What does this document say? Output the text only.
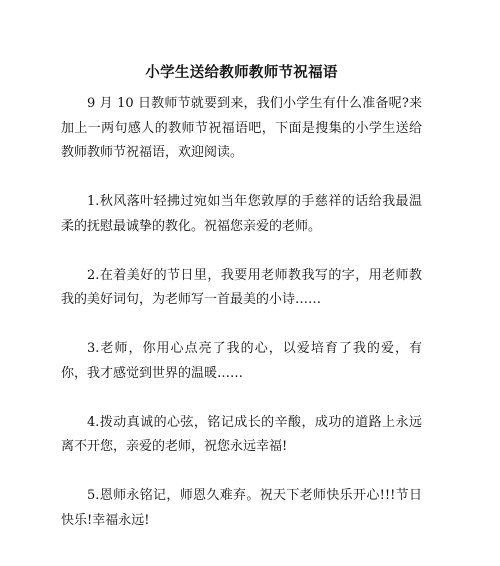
小学生送给教师教师节祝福语

9 月 10 日教师节就要到来，我们小学生有什么准备呢?来加上一两句感人的教师节祝福语吧，下面是搜集的小学生送给教师教师节祝福语，欢迎阅读。

1.秋风落叶轻拂过宛如当年您敦厚的手慈祥的话给我最温柔的抚慰最诚挚的教化。祝福您亲爱的老师。

2.在着美好的节日里，我要用老师教我写的字，用老师教我的美好词句，为老师写一首最美的小诗……

3.老师，你用心点亮了我的心，以爱培育了我的爱，有你，我才感觉到世界的温暖……

4.拨动真诚的心弦，铭记成长的辛酸，成功的道路上永远离不开您，亲爱的老师，祝您永远幸福!

5.恩师永铭记，师恩久难弃。祝天下老师快乐开心!!!节日快乐!幸福永远!
